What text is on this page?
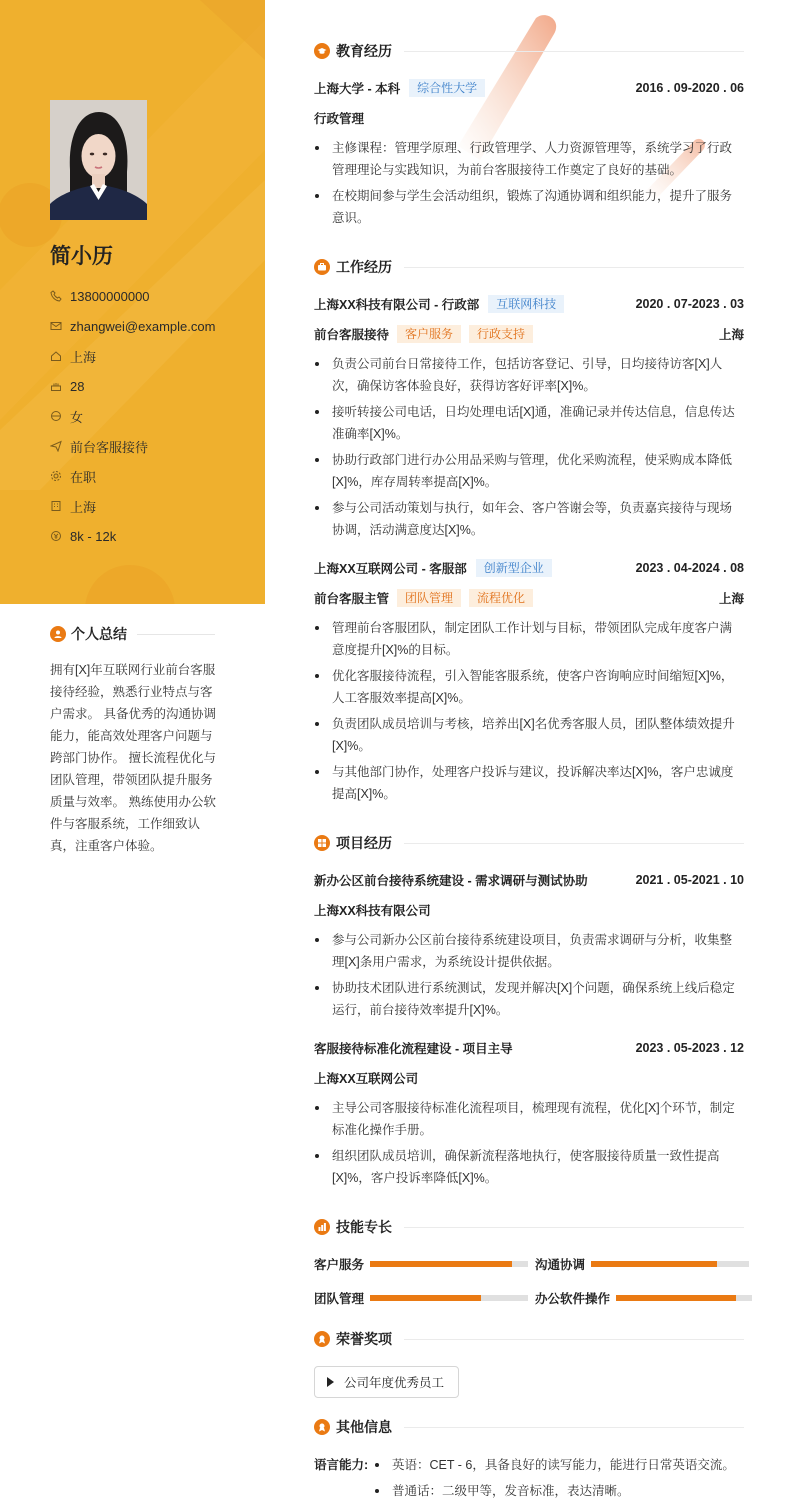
简小历
13800000000
zhangwei@example.com
上海
28
女
前台客服接待
在职
上海
8k - 12k
个人总结
拥有[X]年互联网行业前台客服接待经验，熟悉行业特点与客户需求。 具备优秀的沟通协调能力，能高效处理客户问题与跨部门协作。 擅长流程优化与团队管理，带领团队提升服务质量与效率。 熟练使用办公软件与客服系统，工作细致认真，注重客户体验。
教育经历
上海大学 - 本科	综合性大学	2016 . 09-2020 . 06
行政管理
主修课程：管理学原理、行政管理学、人力资源管理等，系统学习了行政管理理论与实践知识，为前台客服接待工作奠定了良好的基础。
在校期间参与学生会活动组织，锻炼了沟通协调和组织能力，提升了服务意识。
工作经历
上海XX科技有限公司 - 行政部	互联网科技	2020 . 07-2023 . 03
前台客服接待	客户服务	行政支持	上海
负责公司前台日常接待工作，包括访客登记、引导，日均接待访客[X]人次，确保访客体验良好，获得访客好评率[X]%。
接听转接公司电话，日均处理电话[X]通，准确记录并传达信息，信息传达准确率[X]%。
协助行政部门进行办公用品采购与管理，优化采购流程，使采购成本降低[X]%，库存周转率提高[X]%。
参与公司活动策划与执行，如年会、客户答谢会等，负责嘉宾接待与现场协调，活动满意度达[X]%。
上海XX互联网公司 - 客服部	创新型企业	2023 . 04-2024 . 08
前台客服主管	团队管理	流程优化	上海
管理前台客服团队，制定团队工作计划与目标，带领团队完成年度客户满意度提升[X]%的目标。
优化客服接待流程，引入智能客服系统，使客户咨询响应时间缩短[X]%，人工客服效率提高[X]%。
负责团队成员培训与考核，培养出[X]名优秀客服人员，团队整体绩效提升[X]%。
与其他部门协作，处理客户投诉与建议，投诉解决率达[X]%，客户忠诚度提高[X]%。
项目经历
新办公区前台接待系统建设 - 需求调研与测试协助	2021 . 05-2021 . 10
上海XX科技有限公司
参与公司新办公区前台接待系统建设项目，负责需求调研与分析，收集整理[X]条用户需求，为系统设计提供依据。
协助技术团队进行系统测试，发现并解决[X]个问题，确保系统上线后稳定运行，前台接待效率提升[X]%。
客服接待标准化流程建设 - 项目主导	2023 . 05-2023 . 12
上海XX互联网公司
主导公司客服接待标准化流程项目，梳理现有流程，优化[X]个环节，制定标准化操作手册。
组织团队成员培训，确保新流程落地执行，使客服接待质量一致性提高[X]%，客户投诉率降低[X]%。
技能专长
客户服务	沟通协调
团队管理	办公软件操作
荣誉奖项
公司年度优秀员工
其他信息
语言能力:	英语：CET - 6，具备良好的读写能力，能进行日常英语交流。
普通话：二级甲等，发音标准，表达清晰。
